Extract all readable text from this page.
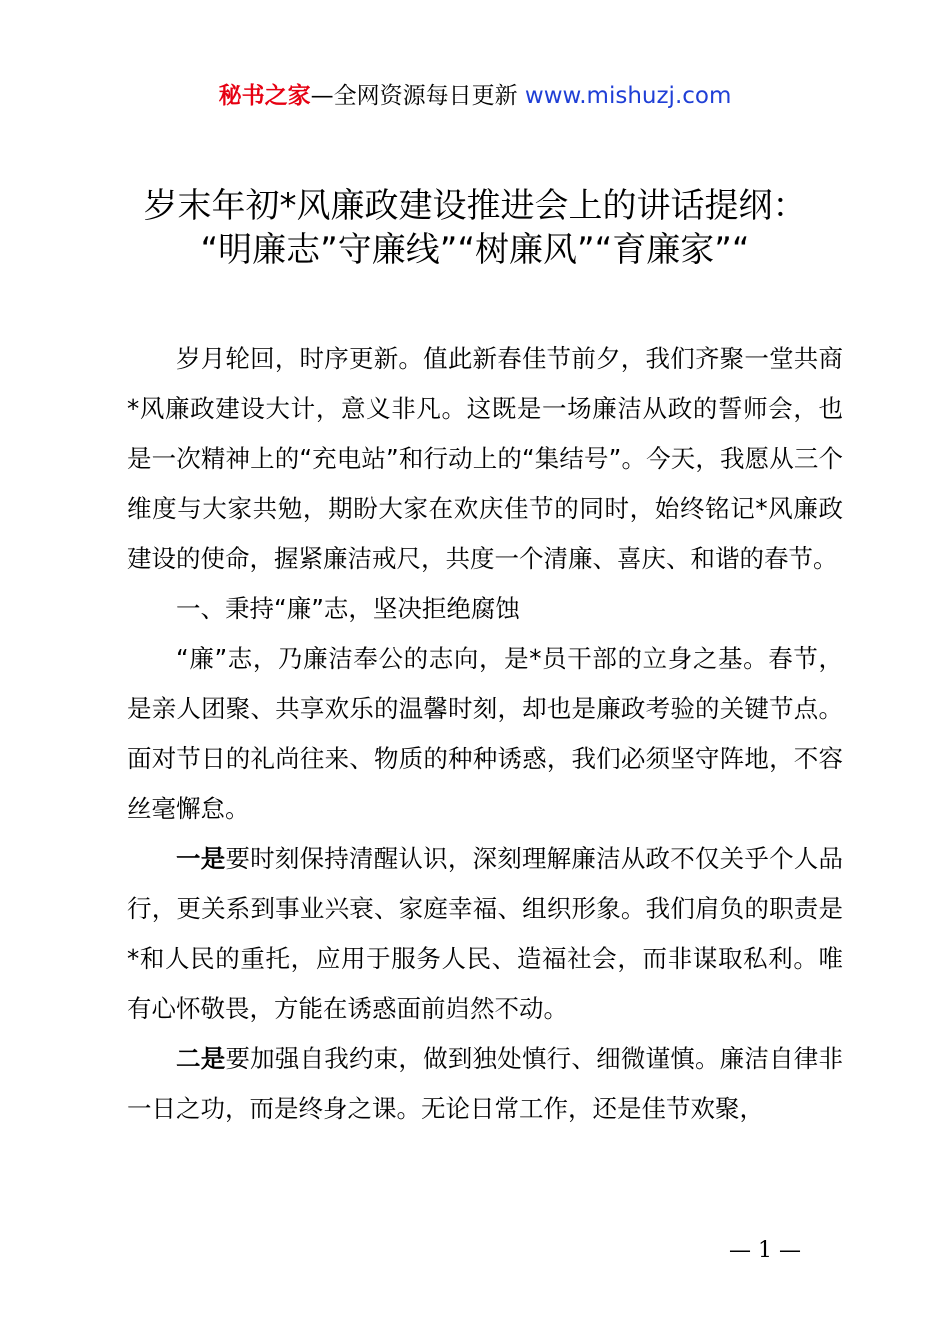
秘书之家—全网资源每日更新 www.mishuzj.com
岁末年初*风廉政建设推进会上的讲话提纲：
“明廉志”守廉线”“树廉风”“育廉家”“

岁月轮回，时序更新。值此新春佳节前夕，我们齐聚一堂共商*风廉政建设大计，意义非凡。这既是一场廉洁从政的誓师会，也是一次精神上的“充电站”和行动上的“集结号”。今天，我愿从三个维度与大家共勉，期盼大家在欢庆佳节的同时，始终铭记*风廉政建设的使命，握紧廉洁戒尺，共度一个清廉、喜庆、和谐的春节。

一、秉持“廉”志，坚决拒绝腐蚀

“廉”志，乃廉洁奉公的志向，是*员干部的立身之基。春节，是亲人团聚、共享欢乐的温馨时刻，却也是廉政考验的关键节点。面对节日的礼尚往来、物质的种种诱惑，我们必须坚守阵地，不容丝毫懈怠。

一是要时刻保持清醒认识，深刻理解廉洁从政不仅关乎个人品行，更关系到事业兴衰、家庭幸福、组织形象。我们肩负的职责是*和人民的重托，应用于服务人民、造福社会，而非谋取私利。唯有心怀敬畏，方能在诱惑面前岿然不动。

二是要加强自我约束，做到独处慎行、细微谨慎。廉洁自律非一日之功，而是终身之课。无论日常工作，还是佳节欢聚，

— 1 —
